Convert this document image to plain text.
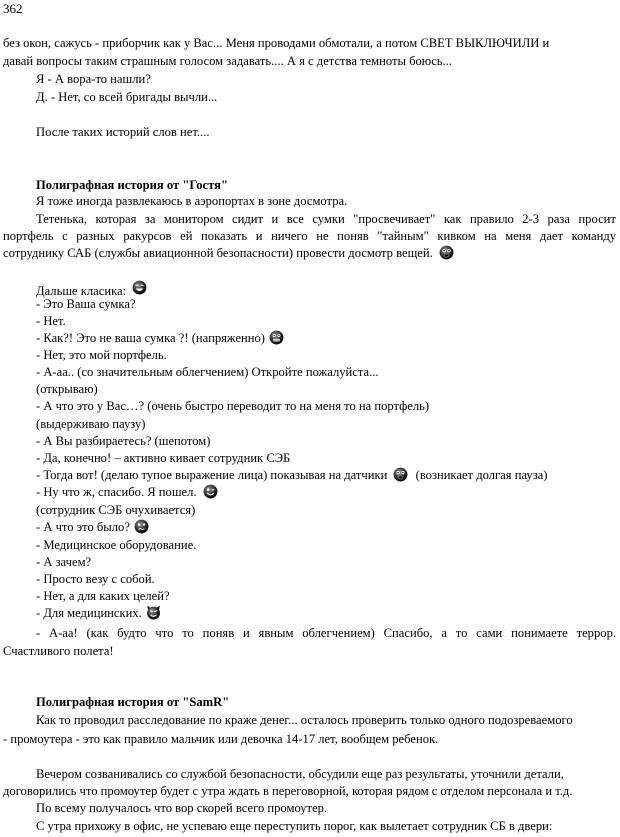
362
без окон, сажусь - приборчик как у Вас... Меня проводами обмотали, а потом СВЕТ ВЫКЛЮЧИЛИ и
давай вопросы таким страшным голосом задавать.... А я с детства темноты боюсь...
Я - А вора-то нашли?
Д. - Нет, со всей бригады вычли...
После таких историй слов нет....
Полиграфная история от "Гостя"
Я тоже иногда развлекаюсь в аэропортах в зоне досмотра.
Тетенька, которая за монитором сидит и все сумки "просвечивает" как правило 2-3 раза просит
портфель с разных ракурсов ей показать и ничего не поняв "тайным" кивком на меня дает команду
сотруднику САБ (службы авиационной безопасности) провести досмотр вещей.
Дальше класика:
- Это Ваша сумка?
- Нет.
- Как?! Это не ваша сумка ?! (напряженно)
- Нет, это мой портфель.
- А-аа.. (со значительным облегчением) Откройте пожалуйста...
(открываю)
- А что это у Вас…? (очень быстро переводит то на меня то на портфель)
(выдерживаю паузу)
- А Вы разбираетесь? (шепотом)
- Да, конечно! – активно кивает сотрудник СЭБ
- Тогда вот! (делаю тупое выражение лица) показывая на датчики (возникает долгая пауза)
- Ну что ж, спасибо. Я пошел.
(сотрудник СЭБ очухивается)
- А что это было?
- Медицинское оборудование.
- А зачем?
- Просто везу с собой.
- Нет, а для каких целей?
- Для медицинских.
- А-аа! (как будто что то поняв и явным облегчением) Спасибо, а то сами понимаете террор.
Счастливого полета!
Полиграфная история от "SamR"
Как то проводил расследование по краже денег... осталось проверить только одного подозреваемого
- промоутера - это как правило мальчик или девочка 14-17 лет, вообщем ребенок.
Вечером созванивались со службой безопасности, обсудили еще раз результаты, уточнили детали,
договорились что промоутер будет с утра ждать в переговорной, которая рядом с отделом персонала и т.д.
По всему получалось что вор скорей всего промоутер.
С утра прихожу в офис, не успеваю еще переступить порог, как вылетает сотрудник СБ в двери:
